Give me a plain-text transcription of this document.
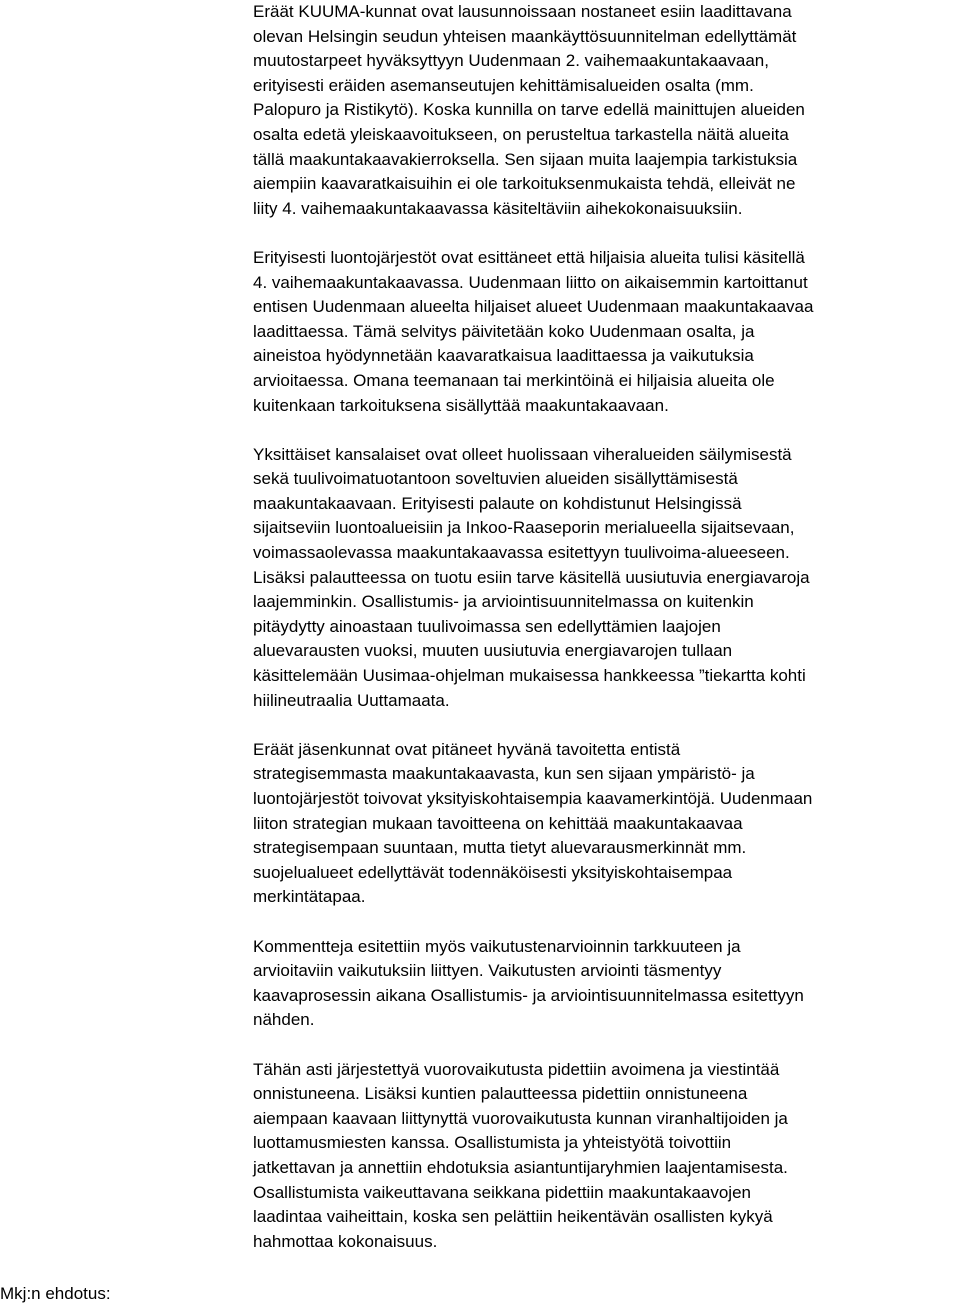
Eräät KUUMA-kunnat ovat lausunnoissaan nostaneet esiin laadittavana
olevan Helsingin seudun yhteisen maankäyttösuunnitelman edellyttämät
muutostarpeet hyväksyttyyn Uudenmaan 2. vaihemaakuntakaavaan,
erityisesti eräiden asemanseutujen kehittämisalueiden osalta (mm.
Palopuro ja Ristikytö). Koska kunnilla on tarve edellä mainittujen alueiden
osalta edetä yleiskaavoitukseen, on perusteltua tarkastella näitä alueita
tällä maakuntakaavakierroksella. Sen sijaan muita laajempia tarkistuksia
aiempiin kaavaratkaisuihin ei ole tarkoituksenmukaista tehdä, elleivät ne
liity 4. vaihemaakuntakaavassa käsiteltäviin aihekokonaisuuksiin.

Erityisesti luontojärjestöt ovat esittäneet että hiljaisia alueita tulisi käsitellä
4. vaihemaakuntakaavassa. Uudenmaan liitto on aikaisemmin kartoittanut
entisen Uudenmaan alueelta hiljaiset alueet Uudenmaan maakuntakaavaa
laadittaessa. Tämä selvitys päivitetään koko Uudenmaan osalta, ja
aineistoa hyödynnetään kaavaratkaisua laadittaessa ja vaikutuksia
arvioitaessa. Omana teemanaan tai merkintöinä ei hiljaisia alueita ole
kuitenkaan tarkoituksena sisällyttää maakuntakaavaan.

Yksittäiset kansalaiset ovat olleet huolissaan viheralueiden säilymisestä
sekä tuulivoimatuotantoon soveltuvien alueiden sisällyttämisestä
maakuntakaavaan. Erityisesti palaute on kohdistunut Helsingissä
sijaitseviin luontoalueisiin ja Inkoo-Raaseporin merialueella sijaitsevaan,
voimassaolevassa maakuntakaavassa esitettyyn tuulivoima-alueeseen.
Lisäksi palautteessa on tuotu esiin tarve käsitellä uusiutuvia energiavaroja
laajemminkin. Osallistumis- ja arviointisuunnitelmassa on kuitenkin
pitäydytty ainoastaan tuulivoimassa sen edellyttämien laajojen
aluevarausten vuoksi, muuten uusiutuvia energiavarojen tullaan
käsittelemään Uusimaa-ohjelman mukaisessa hankkeessa ”tiekartta kohti
hiilineutraalia Uuttamaata.

Eräät jäsenkunnat ovat pitäneet hyvänä tavoitetta entistä
strategisemmasta maakuntakaavasta, kun sen sijaan ympäristö- ja
luontojärjestöt toivovat yksityiskohtaisempia kaavamerkintöjä. Uudenmaan
liiton strategian mukaan tavoitteena on kehittää maakuntakaavaa
strategisempaan suuntaan, mutta tietyt aluevarausmerkinnät mm.
suojelualueet edellyttävät todennäköisesti yksityiskohtaisempaa
merkintätapaa.

Kommentteja esitettiin myös vaikutustenarvioinnin tarkkuuteen ja
arvioitaviin vaikutuksiin liittyen. Vaikutusten arviointi täsmentyy
kaavaprosessin aikana Osallistumis- ja arviointisuunnitelmassa esitettyyn
nähden.

Tähän asti järjestettyä vuorovaikutusta pidettiin avoimena ja viestintää
onnistuneena. Lisäksi kuntien palautteessa pidettiin onnistuneena
aiempaan kaavaan liittynyttä vuorovaikutusta kunnan viranhaltijoiden ja
luottamusmiesten kanssa. Osallistumista ja yhteistyötä toivottiin
jatkettavan ja annettiin ehdotuksia asiantuntijaryhmien laajentamisesta.
Osallistumista vaikeuttavana seikkana pidettiin maakuntakaavojen
laadintaa vaiheittain, koska sen pelättiin heikentävän osallisten kykyä
hahmottaa kokonaisuus.

Mkj:n ehdotus:
